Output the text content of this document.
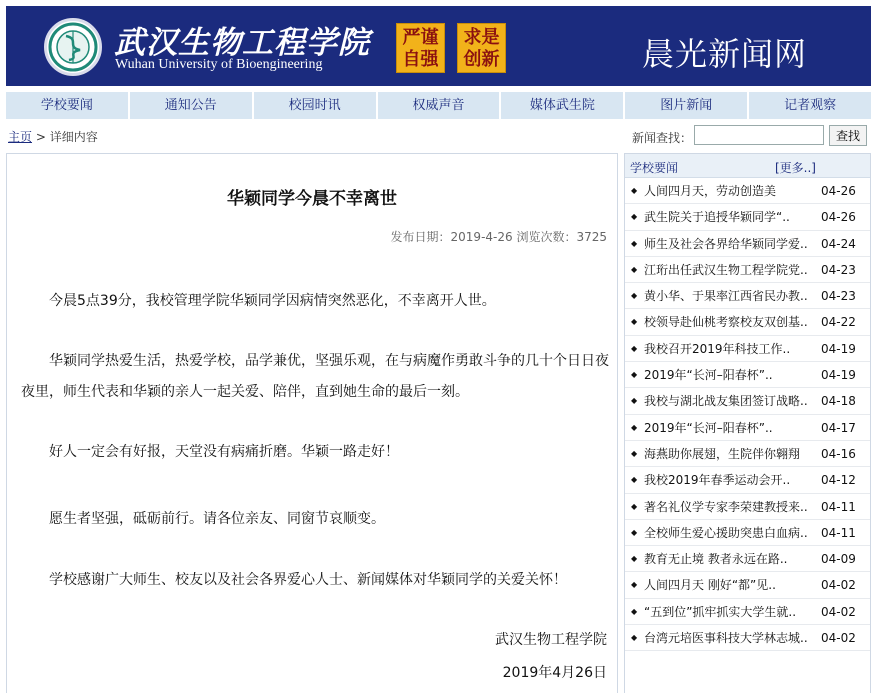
武汉生物工程学院
Wuhan University of Bioengineering
严谨
自强
求是
创新	晨光新闻网
学校要闻	通知公告	校园时讯	权威声音	媒体武生院	图片新闻	记者观察
主页 > 详细内容	新闻查找：	查找
华颖同学今晨不幸离世
发布日期：2019-4-26 浏览次数：3725

今晨5点39分，我校管理学院华颖同学因病情突然恶化，不幸离开人世。

华颖同学热爱生活，热爱学校，品学兼优，坚强乐观，在与病魔作勇敢斗争的几十个日日夜夜里，师生代表和华颖的亲人一起关爱、陪伴，直到她生命的最后一刻。

好人一定会有好报，天堂没有病痛折磨。华颖一路走好！

愿生者坚强，砥砺前行。请各位亲友、同窗节哀顺变。

学校感谢广大师生、校友以及社会各界爱心人士、新闻媒体对华颖同学的关爱关怀！

武汉生物工程学院
2019年4月26日
学校要闻	[更多..]
◆ 人间四月天，劳动创造美	04-26
◆ 武生院关于追授华颖同学“..	04-26
◆ 师生及社会各界给华颖同学爱..	04-24
◆ 江珩出任武汉生物工程学院党..	04-23
◆ 黄小华、于果率江西省民办教..	04-23
◆ 校领导赴仙桃考察校友双创基..	04-22
◆ 我校召开2019年科技工作..	04-19
◆ 2019年“长河–阳春杯”..	04-19
◆ 我校与湖北战友集团签订战略..	04-18
◆ 2019年“长河–阳春杯”..	04-17
◆ 海燕助你展翅，生院伴你翱翔	04-16
◆ 我校2019年春季运动会开..	04-12
◆ 著名礼仪学专家李荣建教授来..	04-11
◆ 全校师生爱心援助突患白血病..	04-11
◆ 教育无止境 教者永远在路..	04-09
◆ 人间四月天 刚好“都”见..	04-02
◆ “五到位”抓牢抓实大学生就..	04-02
◆ 台湾元培医事科技大学林志城..	04-02
